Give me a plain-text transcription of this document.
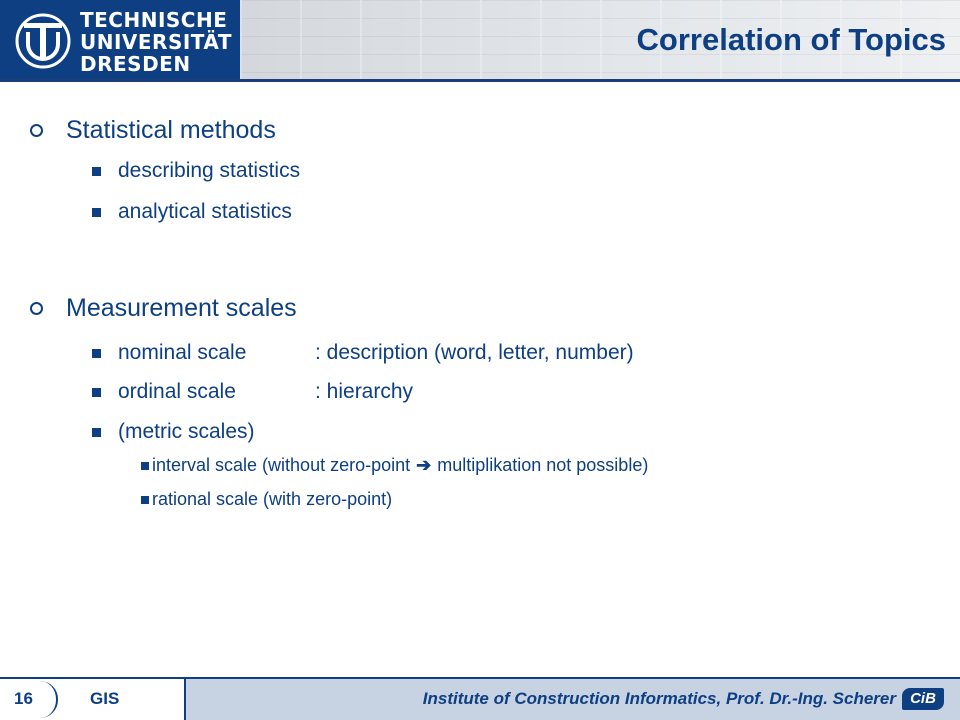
TECHNISCHE
UNIVERSITÄT
DRESDEN
Correlation of Topics
Statistical methods
describing statistics
analytical statistics
Measurement scales
nominal scale	: description (word, letter, number)
ordinal scale	: hierarchy
(metric scales)
interval scale (without zero-point ➔ multiplikation not possible)
rational scale (with zero-point)
16	GIS	Institute of Construction Informatics, Prof. Dr.-Ing. Scherer CiB
